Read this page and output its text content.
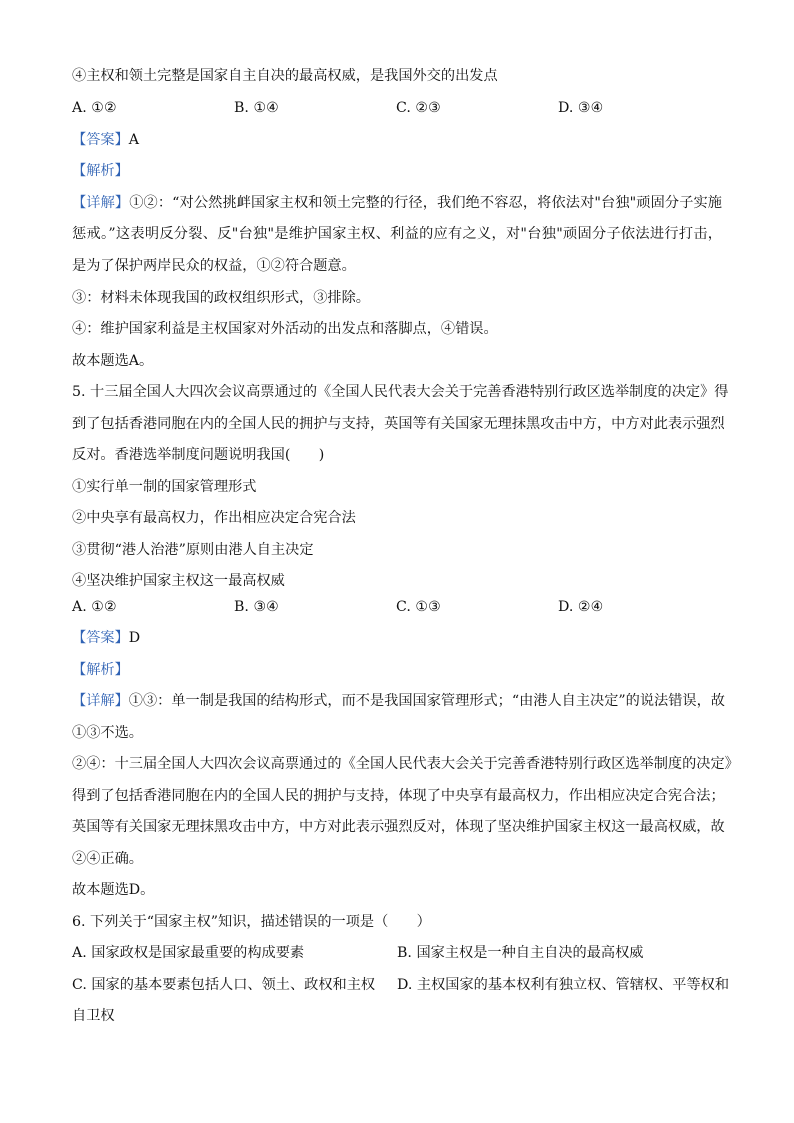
④主权和领土完整是国家自主自决的最高权威，是我国外交的出发点
A. ①②	B. ①④	C. ②③	D. ③④
【答案】A
【解析】
【详解】①②：“对公然挑衅国家主权和领土完整的行径，我们绝不容忍，将依法对"台独"顽固分子实施
惩戒。”这表明反分裂、反"台独"是维护国家主权、利益的应有之义，对"台独"顽固分子依法进行打击，
是为了保护两岸民众的权益，①②符合题意。
③：材料未体现我国的政权组织形式，③排除。
④：维护国家利益是主权国家对外活动的出发点和落脚点，④错误。
故本题选A。
5. 十三届全国人大四次会议高票通过的《全国人民代表大会关于完善香港特别行政区选举制度的决定》得
到了包括香港同胞在内的全国人民的拥护与支持，英国等有关国家无理抹黑攻击中方，中方对此表示强烈
反对。香港选举制度问题说明我国(　　)
①实行单一制的国家管理形式
②中央享有最高权力，作出相应决定合宪合法
③贯彻“港人治港”原则由港人自主决定
④坚决维护国家主权这一最高权威
A. ①②	B. ③④	C. ①③	D. ②④
【答案】D
【解析】
【详解】①③：单一制是我国的结构形式，而不是我国国家管理形式；“由港人自主决定”的说法错误，故
①③不选。
②④：十三届全国人大四次会议高票通过的《全国人民代表大会关于完善香港特别行政区选举制度的决定》
得到了包括香港同胞在内的全国人民的拥护与支持，体现了中央享有最高权力，作出相应决定合宪合法；
英国等有关国家无理抹黑攻击中方，中方对此表示强烈反对，体现了坚决维护国家主权这一最高权威，故
②④正确。
故本题选D。
6. 下列关于“国家主权”知识，描述错误的一项是（　　）
A. 国家政权是国家最重要的构成要素	B. 国家主权是一种自主自决的最高权威
C. 国家的基本要素包括人口、领土、政权和主权 D. 主权国家的基本权利有独立权、管辖权、平等权和
自卫权
